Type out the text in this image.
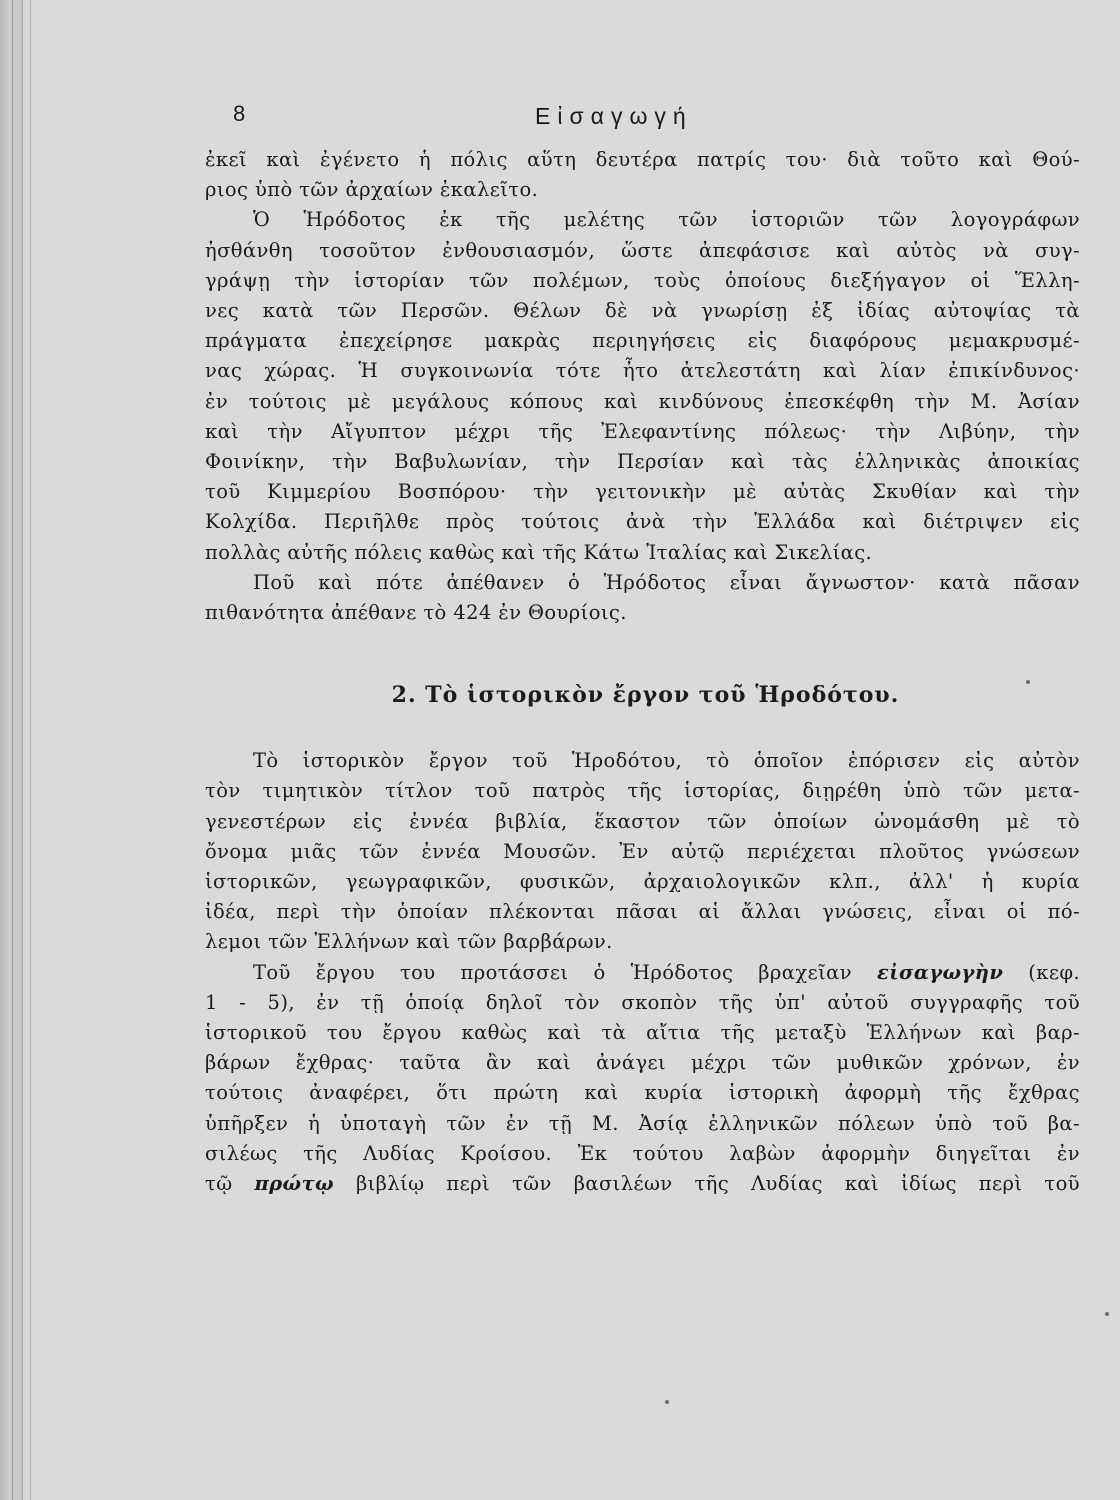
8	Εἰσαγωγή

ἐκεῖ καὶ ἐγένετο ἡ πόλις αὕτη δευτέρα πατρίς του· διὰ τοῦτο καὶ Θού-
ριος ὑπὸ τῶν ἀρχαίων ἐκαλεῖτο.

Ὁ Ἡρόδοτος ἐκ τῆς μελέτης τῶν ἱστοριῶν τῶν λογογράφων
ἠσθάνθη τοσοῦτον ἐνθουσιασμόν, ὥστε ἀπεφάσισε καὶ αὐτὸς νὰ συγ-
γράψῃ τὴν ἱστορίαν τῶν πολέμων, τοὺς ὁποίους διεξήγαγον οἱ Ἕλλη-
νες κατὰ τῶν Περσῶν. Θέλων δὲ νὰ γνωρίσῃ ἐξ ἰδίας αὐτοψίας τὰ
πράγματα ἐπεχείρησε μακρὰς περιηγήσεις εἰς διαφόρους μεμακρυσμέ-
νας χώρας. Ἡ συγκοινωνία τότε ἦτο ἀτελεστάτη καὶ λίαν ἐπικίνδυνος·
ἐν τούτοις μὲ μεγάλους κόπους καὶ κινδύνους ἐπεσκέφθη τὴν Μ. Ἀσίαν
καὶ τὴν Αἴγυπτον μέχρι τῆς Ἐλεφαντίνης πόλεως· τὴν Λιβύην, τὴν
Φοινίκην, τὴν Βαβυλωνίαν, τὴν Περσίαν καὶ τὰς ἑλληνικὰς ἀποικίας
τοῦ Κιμμερίου Βοσπόρου· τὴν γειτονικὴν μὲ αὐτὰς Σκυθίαν καὶ τὴν
Κολχίδα. Περιῆλθε πρὸς τούτοις ἀνὰ τὴν Ἑλλάδα καὶ διέτριψεν εἰς
πολλὰς αὐτῆς πόλεις καθὼς καὶ τῆς Κάτω Ἰταλίας καὶ Σικελίας.

Ποῦ καὶ πότε ἀπέθανεν ὁ Ἡρόδοτος εἶναι ἄγνωστον· κατὰ πᾶσαν
πιθανότητα ἀπέθανε τὸ 424 ἐν Θουρίοις.

2. Τὸ ἱστορικὸν ἔργον τοῦ Ἡροδότου.

Τὸ ἱστορικὸν ἔργον τοῦ Ἡροδότου, τὸ ὁποῖον ἐπόρισεν εἰς αὐτὸν
τὸν τιμητικὸν τίτλον τοῦ πατρὸς τῆς ἱστορίας, διῃρέθη ὑπὸ τῶν μετα-
γενεστέρων εἰς ἐννέα βιβλία, ἕκαστον τῶν ὁποίων ὠνομάσθη μὲ τὸ
ὄνομα μιᾶς τῶν ἐννέα Μουσῶν. Ἐν αὐτῷ περιέχεται πλοῦτος γνώσεων
ἱστορικῶν, γεωγραφικῶν, φυσικῶν, ἀρχαιολογικῶν κλπ., ἀλλ' ἡ κυρία
ἰδέα, περὶ τὴν ὁποίαν πλέκονται πᾶσαι αἱ ἄλλαι γνώσεις, εἶναι οἱ πό-
λεμοι τῶν Ἑλλήνων καὶ τῶν βαρβάρων.

Τοῦ ἔργου του προτάσσει ὁ Ἡρόδοτος βραχεῖαν εἰσαγωγὴν (κεφ.
1 - 5), ἐν τῇ ὁποίᾳ δηλοῖ τὸν σκοπὸν τῆς ὑπ' αὐτοῦ συγγραφῆς τοῦ
ἱστορικοῦ του ἔργου καθὼς καὶ τὰ αἴτια τῆς μεταξὺ Ἑλλήνων καὶ βαρ-
βάρων ἔχθρας· ταῦτα ἂν καὶ ἀνάγει μέχρι τῶν μυθικῶν χρόνων, ἐν
τούτοις ἀναφέρει, ὅτι πρώτη καὶ κυρία ἱστορικὴ ἀφορμὴ τῆς ἔχθρας
ὑπῆρξεν ἡ ὑποταγὴ τῶν ἐν τῇ Μ. Ἀσίᾳ ἑλληνικῶν πόλεων ὑπὸ τοῦ βα-
σιλέως τῆς Λυδίας Κροίσου. Ἐκ τούτου λαβὼν ἀφορμὴν διηγεῖται ἐν
τῷ πρώτῳ βιβλίῳ περὶ τῶν βασιλέων τῆς Λυδίας καὶ ἰδίως περὶ τοῦ
